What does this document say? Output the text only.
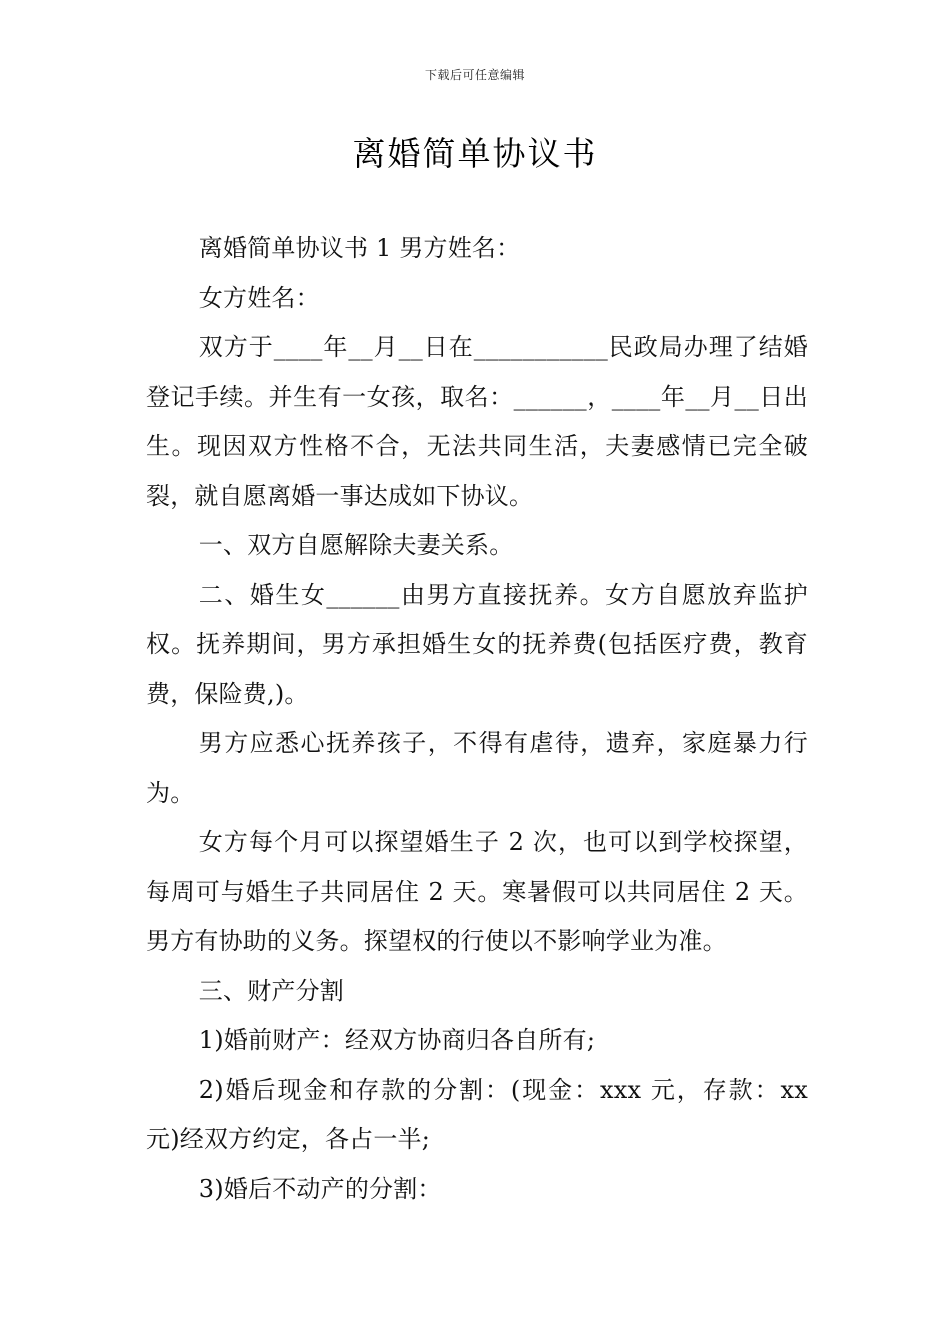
下载后可任意编辑
离婚简单协议书

离婚简单协议书 1 男方姓名：

女方姓名：

双方于____年__月__日在___________民政局办理了结婚登记手续。并生有一女孩，取名：______，____年__月__日出生。现因双方性格不合，无法共同生活，夫妻感情已完全破裂，就自愿离婚一事达成如下协议。

一、双方自愿解除夫妻关系。

二、婚生女______由男方直接抚养。女方自愿放弃监护权。抚养期间，男方承担婚生女的抚养费(包括医疗费，教育费，保险费,)。

男方应悉心抚养孩子，不得有虐待，遗弃，家庭暴力行为。

女方每个月可以探望婚生子 2 次，也可以到学校探望，每周可与婚生子共同居住 2 天。寒暑假可以共同居住 2 天。男方有协助的义务。探望权的行使以不影响学业为准。

三、财产分割

1)婚前财产：经双方协商归各自所有;

2)婚后现金和存款的分割：(现金：xxx 元，存款：xx 元)经双方约定，各占一半;

3)婚后不动产的分割：
